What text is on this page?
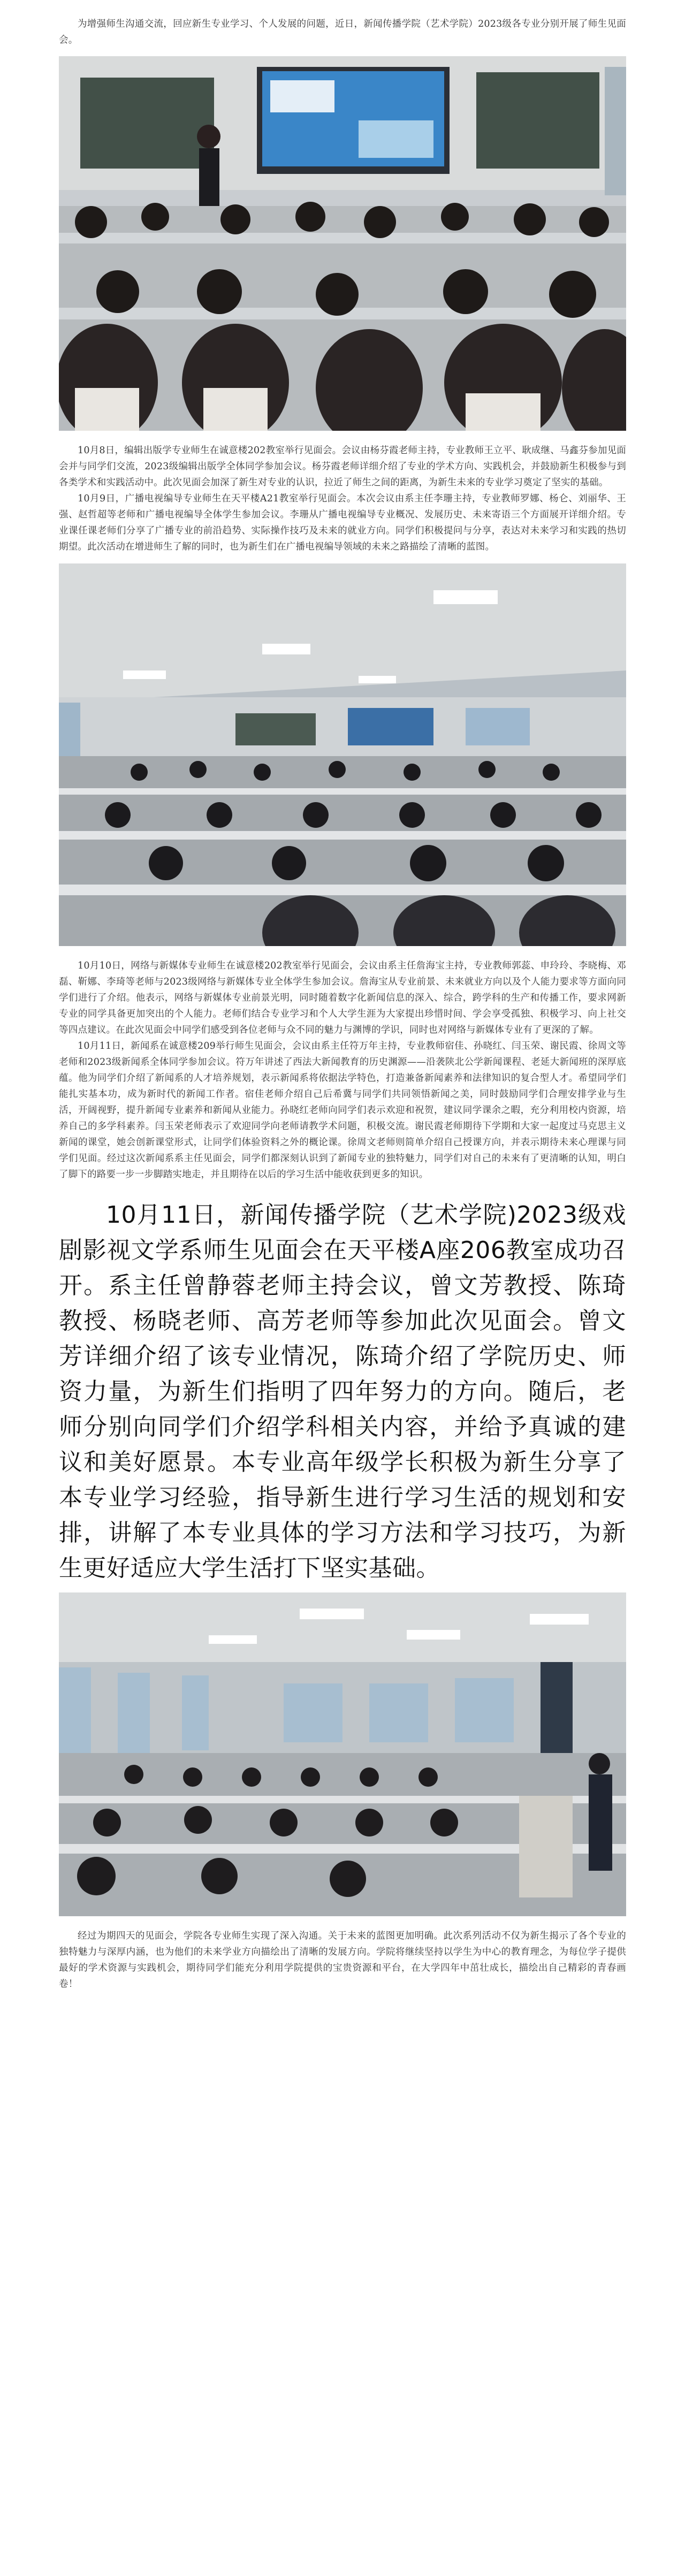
为增强师生沟通交流，回应新生专业学习、个人发展的问题，近日，新闻传播学院（艺术学院）2023级各专业分别开展了师生见面会。

10月8日，编辑出版学专业师生在诚意楼202教室举行见面会。会议由杨芬霞老师主持，专业教师王立平、耿成继、马鑫芬参加见面会并与同学们交流，2023级编辑出版学全体同学参加会议。杨芬霞老师详细介绍了专业的学术方向、实践机会，并鼓励新生积极参与到各类学术和实践活动中。此次见面会加深了新生对专业的认识，拉近了师生之间的距离，为新生未来的专业学习奠定了坚实的基础。

10月9日，广播电视编导专业师生在天平楼A21教室举行见面会。本次会议由系主任李珊主持，专业教师罗娜、杨仑、刘丽华、王强、赵哲超等老师和广播电视编导全体学生参加会议。李珊从广播电视编导专业概况、发展历史、未来寄语三个方面展开详细介绍。专业课任课老师们分享了广播专业的前沿趋势、实际操作技巧及未来的就业方向。同学们积极提问与分享，表达对未来学习和实践的热切期望。此次活动在增进师生了解的同时，也为新生们在广播电视编导领域的未来之路描绘了清晰的蓝图。

10月10日，网络与新媒体专业师生在诚意楼202教室举行见面会，会议由系主任詹海宝主持，专业教师郭蕊、申玲玲、李晓梅、邓磊、靳娜、李琦等老师与2023级网络与新媒体专业全体学生参加会议。詹海宝从专业前景、未来就业方向以及个人能力要求等方面向同学们进行了介绍。他表示，网络与新媒体专业前景光明，同时随着数字化新闻信息的深入、综合，跨学科的生产和传播工作，要求网新专业的同学具备更加突出的个人能力。老师们结合专业学习和个人大学生涯为大家提出珍惜时间、学会享受孤独、积极学习、向上社交等四点建议。在此次见面会中同学们感受到各位老师与众不同的魅力与渊博的学识，同时也对网络与新媒体专业有了更深的了解。

10月11日，新闻系在诚意楼209举行师生见面会，会议由系主任符万年主持，专业教师宿佳、孙晓红、闫玉荣、谢民霞、徐周文等老师和2023级新闻系全体同学参加会议。符万年讲述了西法大新闻教育的历史渊源——沿袭陕北公学新闻课程、老延大新闻班的深厚底蕴。他为同学们介绍了新闻系的人才培养规划，表示新闻系将依据法学特色，打造兼备新闻素养和法律知识的复合型人才。希望同学们能扎实基本功，成为新时代的新闻工作者。宿佳老师介绍自己后希冀与同学们共同领悟新闻之美，同时鼓励同学们合理安排学业与生活，开阔视野，提升新闻专业素养和新闻从业能力。孙晓红老师向同学们表示欢迎和祝贺，建议同学课余之暇，充分利用校内资源，培养自己的多学科素养。闫玉荣老师表示了欢迎同学向老师请教学术问题，积极交流。谢民霞老师期待下学期和大家一起度过马克思主义新闻的课堂，她会创新课堂形式，让同学们体验资料之外的概论课。徐周文老师则简单介绍自己授课方向，并表示期待未来心理课与同学们见面。经过这次新闻系系主任见面会，同学们都深刻认识到了新闻专业的独特魅力，同学们对自己的未来有了更清晰的认知，明白了脚下的路要一步一步脚踏实地走，并且期待在以后的学习生活中能收获到更多的知识。

10月11日，新闻传播学院（艺术学院)2023级戏剧影视文学系师生见面会在天平楼A座206教室成功召开。系主任曾静蓉老师主持会议，曾文芳教授、陈琦教授、杨晓老师、高芳老师等参加此次见面会。曾文芳详细介绍了该专业情况，陈琦介绍了学院历史、师资力量，为新生们指明了四年努力的方向。随后，老师分别向同学们介绍学科相关内容，并给予真诚的建议和美好愿景。本专业高年级学长积极为新生分享了本专业学习经验，指导新生进行学习生活的规划和安排，讲解了本专业具体的学习方法和学习技巧，为新生更好适应大学生活打下坚实基础。

经过为期四天的见面会，学院各专业师生实现了深入沟通。关于未来的蓝图更加明确。此次系列活动不仅为新生揭示了各个专业的独特魅力与深厚内涵，也为他们的未来学业方向描绘出了清晰的发展方向。学院将继续坚持以学生为中心的教育理念，为每位学子提供最好的学术资源与实践机会，期待同学们能充分利用学院提供的宝贵资源和平台，在大学四年中茁壮成长，描绘出自己精彩的青春画卷！
